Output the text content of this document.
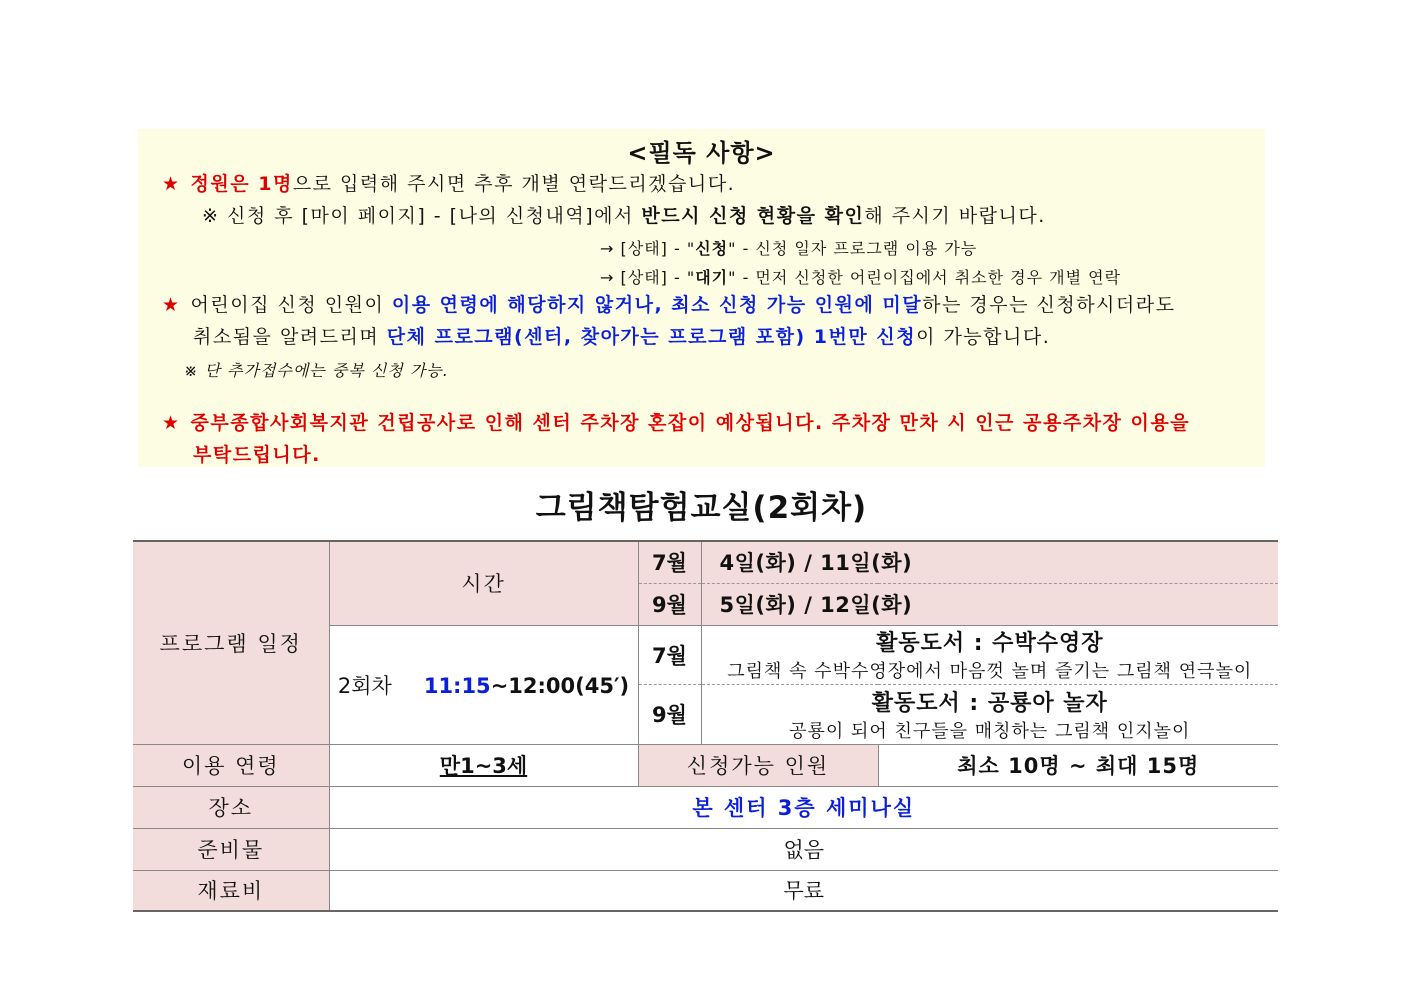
<필독 사항>
★ 정원은 1명으로 입력해 주시면 추후 개별 연락드리겠습니다.
※ 신청 후 [마이 페이지] - [나의 신청내역]에서 반드시 신청 현황을 확인해 주시기 바랍니다.
→ [상태] - "신청" - 신청 일자 프로그램 이용 가능
→ [상태] - "대기" - 먼저 신청한 어린이집에서 취소한 경우 개별 연락
★ 어린이집 신청 인원이 이용 연령에 해당하지 않거나, 최소 신청 가능 인원에 미달하는 경우는 신청하시더라도
취소됨을 알려드리며 단체 프로그램(센터, 찾아가는 프로그램 포함) 1번만 신청이 가능합니다.
※ 단 추가접수에는 중복 신청 가능.
★ 중부종합사회복지관 건립공사로 인해 센터 주차장 혼잡이 예상됩니다. 주차장 만차 시 인근 공용주차장 이용을
부탁드립니다.
그림책탐험교실(2회차)
프로그램 일정	시간	7월	4일(화) / 11일(화)	
		9월	5일(화) / 12일(화)	
	2회차 11:15~12:00(45′)	7월	활동도서 : 수박수영장
그림책 속 수박수영장에서 마음껏 놀며 즐기는 그림책 연극놀이	

		9월	활동도서 : 공룡아 놀자
공룡이 되어 친구들을 매칭하는 그림책 인지놀이	

이용 연령	만1~3세	신청가능 인원		최소 10명 ~ 최대 15명
장소	본 센터 3층 세미나실			
준비물	없음			
재료비	무료			
